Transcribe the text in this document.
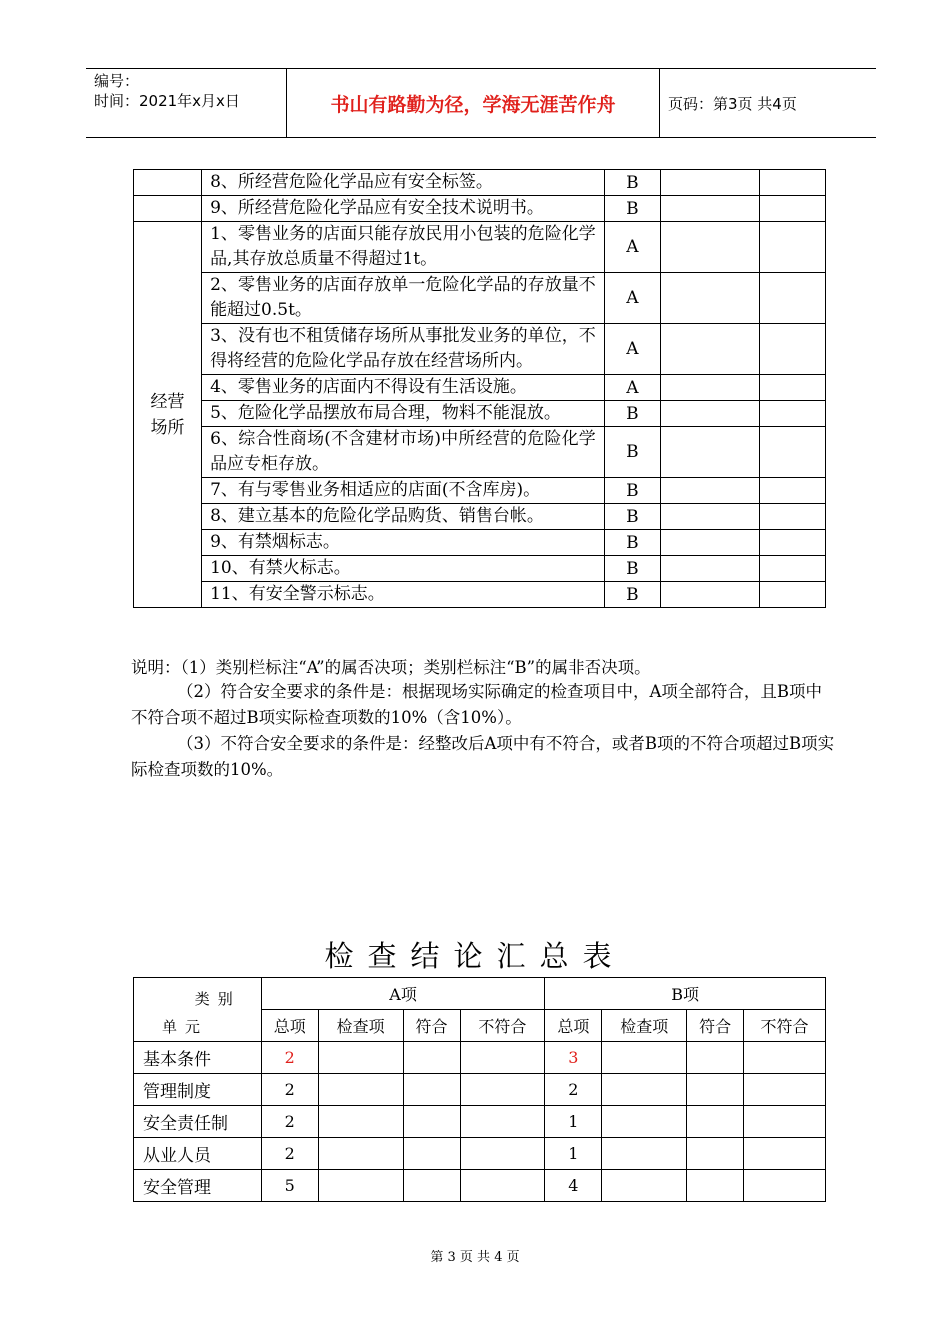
编号：
时间：2021年x月x日	书山有路勤为径，学海无涯苦作舟	页码：第3页 共4页
	8、所经营危险化学品应有安全标签。	B		
	9、所经营危险化学品应有安全技术说明书。	B		
经营
场所	1、零售业务的店面只能存放民用小包装的危险化学品,其存放总质量不得超过1t。	A		
	2、零售业务的店面存放单一危险化学品的存放量不能超过0.5t。	A		
	3、没有也不租赁储存场所从事批发业务的单位，不得将经营的危险化学品存放在经营场所内。	A		
	4、零售业务的店面内不得设有生活设施。	A		
	5、危险化学品摆放布局合理，物料不能混放。	B		
	6、综合性商场(不含建材市场)中所经营的危险化学品应专柜存放。	B		
	7、有与零售业务相适应的店面(不含库房)。	B		
	8、建立基本的危险化学品购货、销售台帐。	B		
	9、有禁烟标志。	B		
	10、有禁火标志。	B		
	11、有安全警示标志。	B		
说明：（1）类别栏标注“A”的属否决项；类别栏标注“B”的属非否决项。
（2）符合安全要求的条件是：根据现场实际确定的检查项目中，A项全部符合，且B项中不符合项不超过B项实际检查项数的10%（含10%）。
（3）不符合安全要求的条件是：经整改后A项中有不符合，或者B项的不符合项超过B项实际检查项数的10%。
检查结论汇总表
类别
单元	A项				B项			
	总项	检查项	符合	不符合	总项	检查项	符合	不符合
基本条件	2				3			
管理制度	2				2			
安全责任制	2				1			
从业人员	2				1			
安全管理	5				4			
第 3 页 共 4 页
